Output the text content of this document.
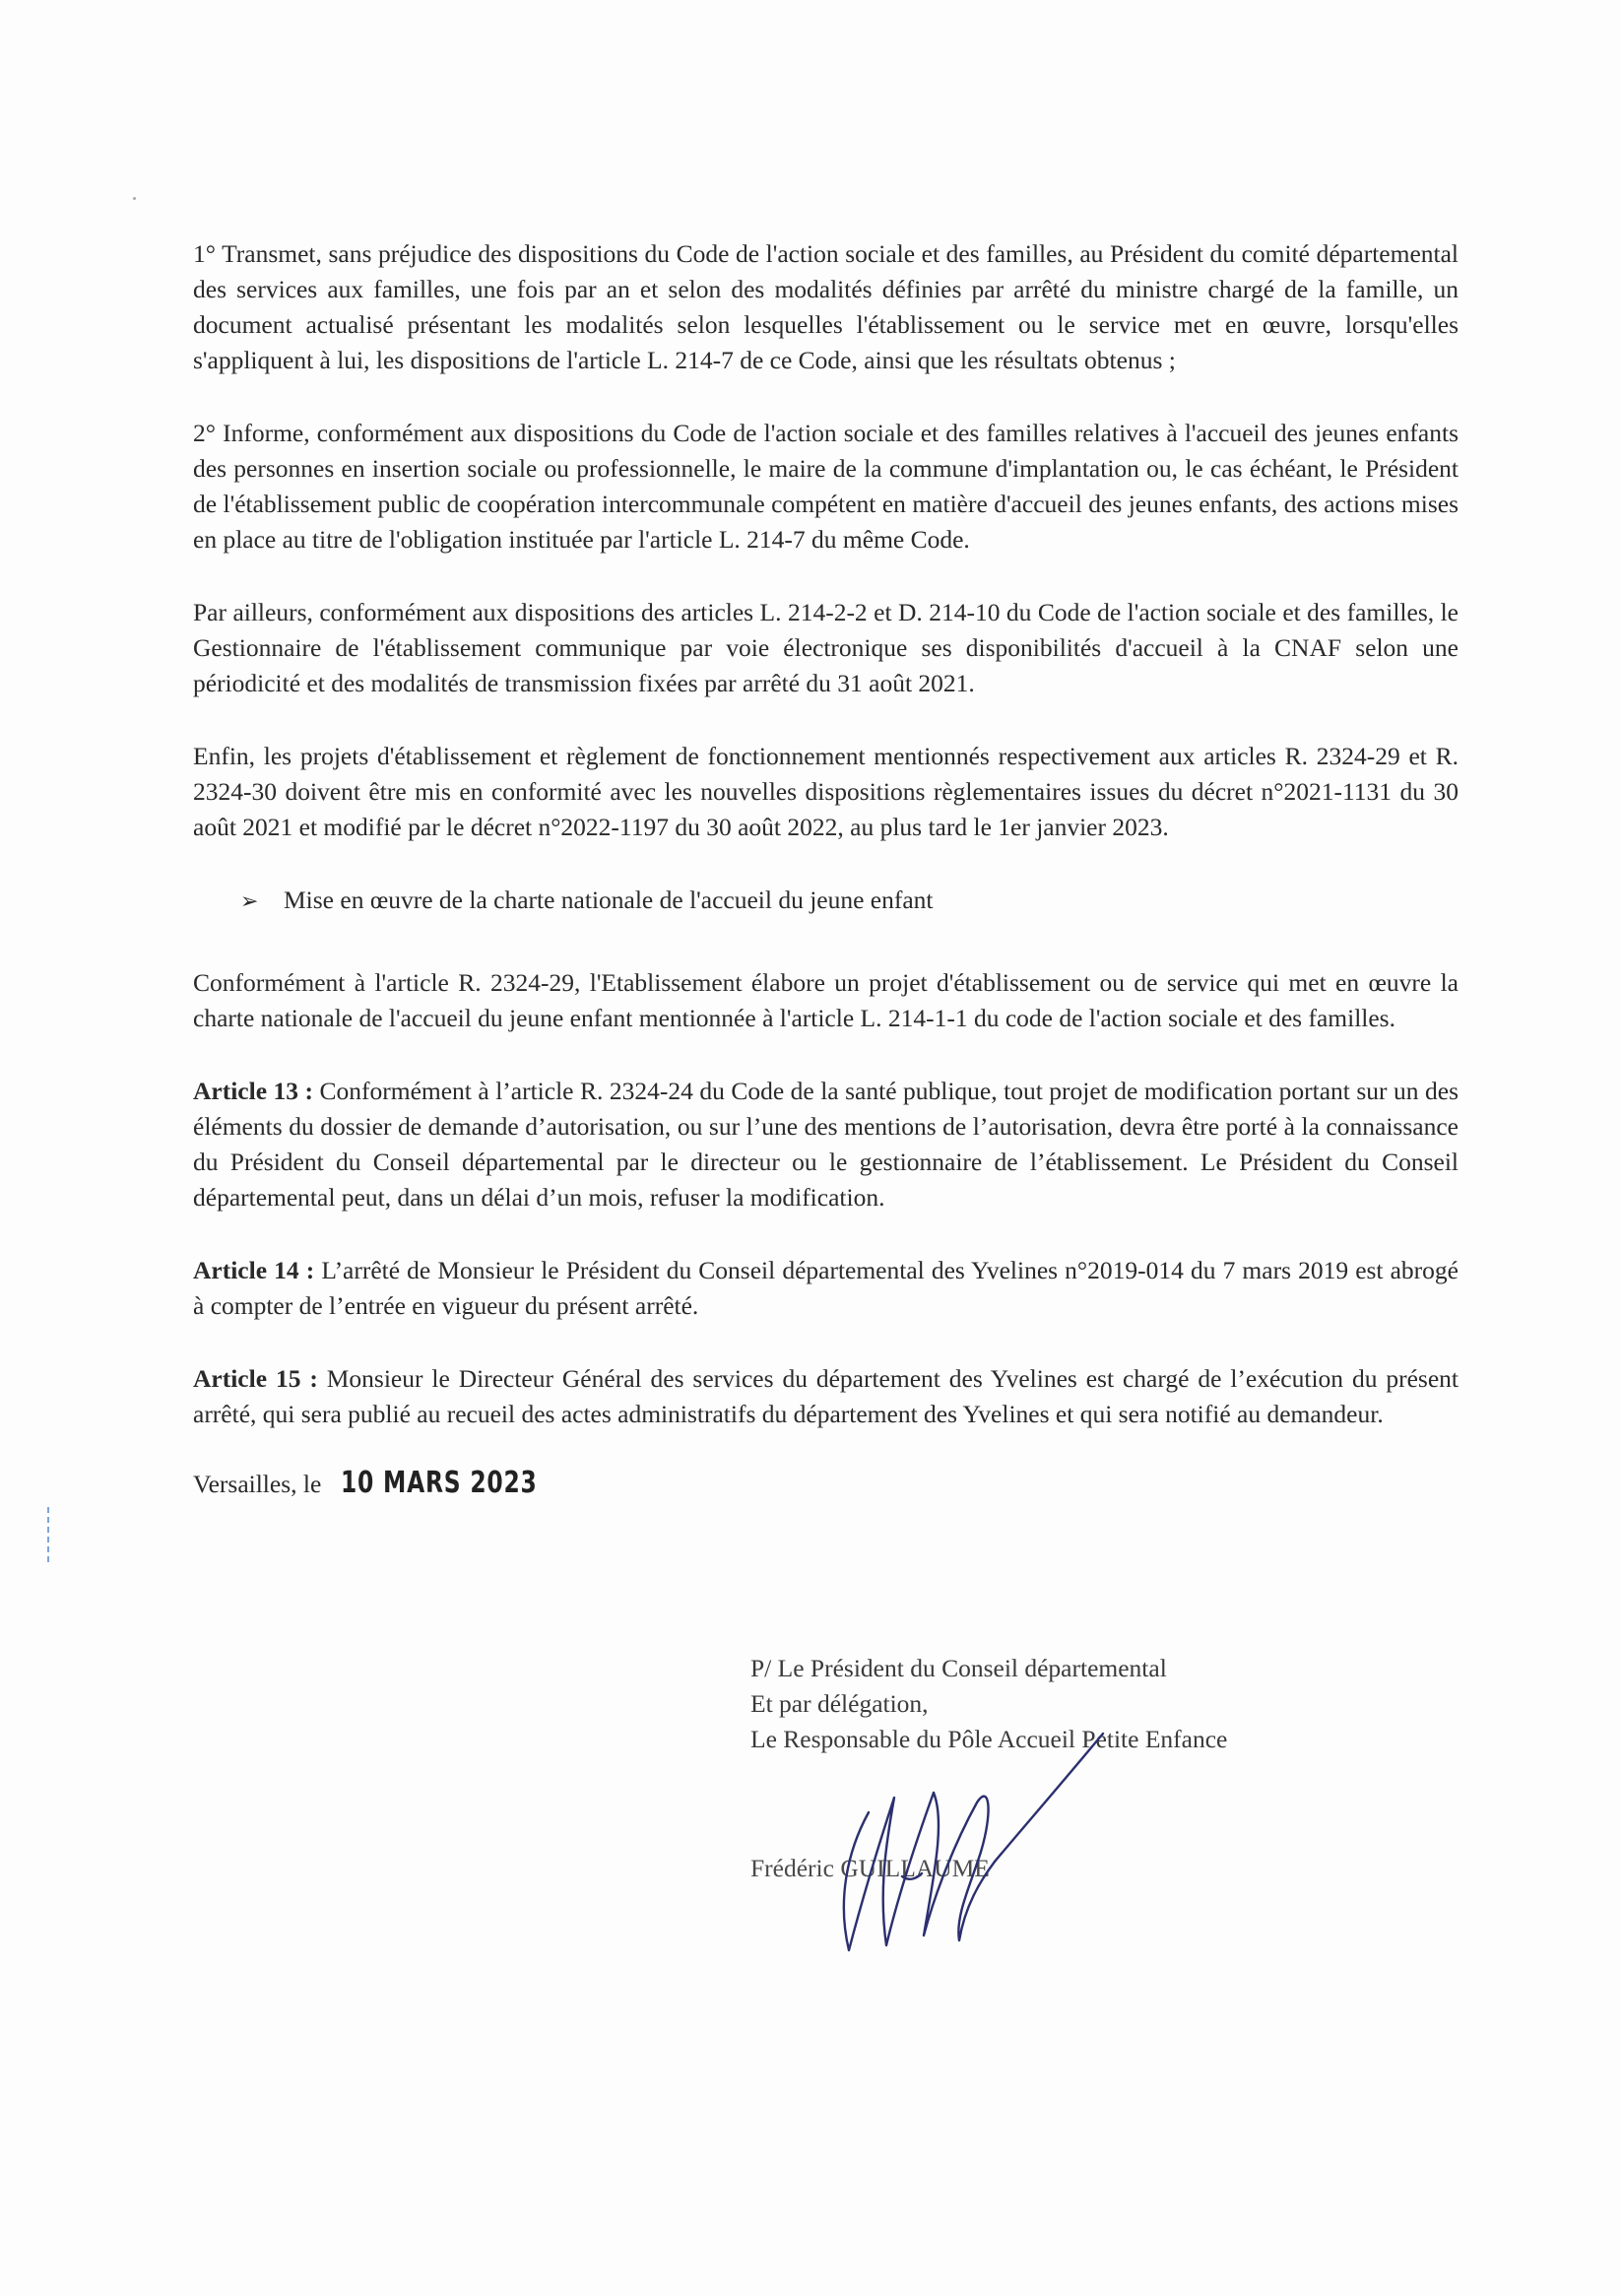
1° Transmet, sans préjudice des dispositions du Code de l'action sociale et des familles, au Président du comité départemental des services aux familles, une fois par an et selon des modalités définies par arrêté du ministre chargé de la famille, un document actualisé présentant les modalités selon lesquelles l'établissement ou le service met en œuvre, lorsqu'elles s'appliquent à lui, les dispositions de l'article L. 214-7 de ce Code, ainsi que les résultats obtenus ;

2° Informe, conformément aux dispositions du Code de l'action sociale et des familles relatives à l'accueil des jeunes enfants des personnes en insertion sociale ou professionnelle, le maire de la commune d'implantation ou, le cas échéant, le Président de l'établissement public de coopération intercommunale compétent en matière d'accueil des jeunes enfants, des actions mises en place au titre de l'obligation instituée par l'article L. 214-7 du même Code.

Par ailleurs, conformément aux dispositions des articles L. 214-2-2 et D. 214-10 du Code de l'action sociale et des familles, le Gestionnaire de l'établissement communique par voie électronique ses disponibilités d'accueil à la CNAF selon une périodicité et des modalités de transmission fixées par arrêté du 31 août 2021.

Enfin, les projets d'établissement et règlement de fonctionnement mentionnés respectivement aux articles R. 2324-29 et R. 2324-30 doivent être mis en conformité avec les nouvelles dispositions règlementaires issues du décret n°2021-1131 du 30 août 2021 et modifié par le décret n°2022-1197 du 30 août 2022, au plus tard le 1er janvier 2023.

➢	Mise en œuvre de la charte nationale de l'accueil du jeune enfant

Conformément à l'article R. 2324-29, l'Etablissement élabore un projet d'établissement ou de service qui met en œuvre la charte nationale de l'accueil du jeune enfant mentionnée à l'article L. 214-1-1 du code de l'action sociale et des familles.

Article 13 : Conformément à l’article R. 2324-24 du Code de la santé publique, tout projet de modification portant sur un des éléments du dossier de demande d’autorisation, ou sur l’une des mentions de l’autorisation, devra être porté à la connaissance du Président du Conseil départemental par le directeur ou le gestionnaire de l’établissement. Le Président du Conseil départemental peut, dans un délai d’un mois, refuser la modification.

Article 14 : L’arrêté de Monsieur le Président du Conseil départemental des Yvelines n°2019-014 du 7 mars 2019 est abrogé à compter de l’entrée en vigueur du présent arrêté.

Article 15 : Monsieur le Directeur Général des services du département des Yvelines est chargé de l’exécution du présent arrêté, qui sera publié au recueil des actes administratifs du département des Yvelines et qui sera notifié au demandeur.

Versailles, le 10 MARS 2023
P/ Le Président du Conseil départemental
Et par délégation,
Le Responsable du Pôle Accueil Petite Enfance
Frédéric GUILLAUME
